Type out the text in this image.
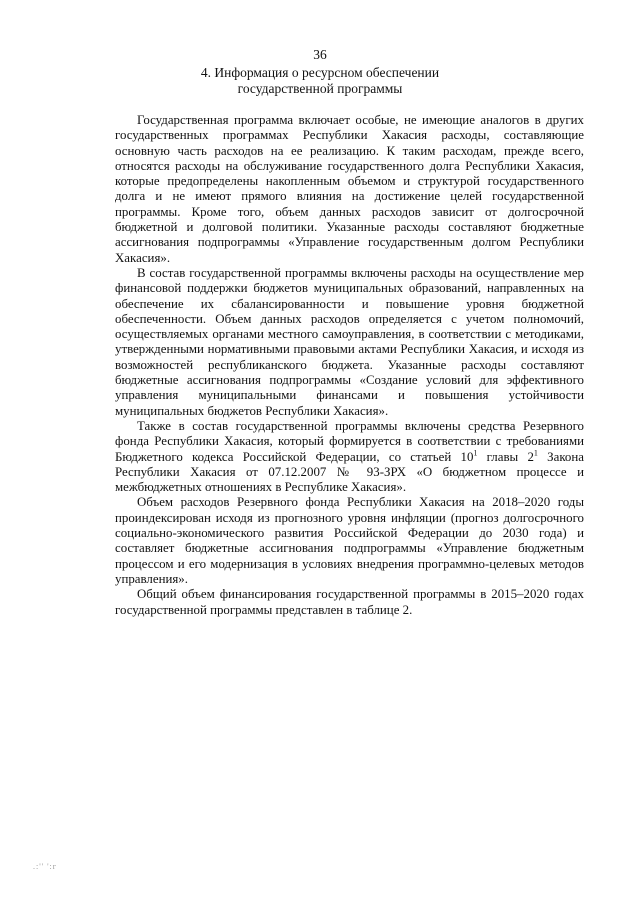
36
4. Информация о ресурсном обеспечении
государственной программы

Государственная программа включает особые, не имеющие аналогов в других государственных программах Республики Хакасия расходы, составляющие основную часть расходов на ее реализацию. К таким расходам, прежде всего, относятся расходы на обслуживание государственного долга Республики Хакасия, которые предопределены накопленным объемом и структурой государственного долга и не имеют прямого влияния на достижение целей государственной программы. Кроме того, объем данных расходов зависит от долгосрочной бюджетной и долговой политики. Указанные расходы составляют бюджетные ассигнования подпрограммы «Управление государственным долгом Республики Хакасия».

В состав государственной программы включены расходы на осуществление мер финансовой поддержки бюджетов муниципальных образований, направленных на обеспечение их сбалансированности и повышение уровня бюджетной обеспеченности. Объем данных расходов определяется с учетом полномочий, осуществляемых органами местного самоуправления, в соответствии с методиками, утвержденными нормативными правовыми актами Республики Хакасия, и исходя из возможностей республиканского бюджета. Указанные расходы составляют бюджетные ассигнования подпрограммы «Создание условий для эффективного управления муниципальными финансами и повышения устойчивости муниципальных бюджетов Республики Хакасия».

Также в состав государственной программы включены средства Резервного фонда Республики Хакасия, который формируется в соответствии с требованиями Бюджетного кодекса Российской Федерации, со статьей $10^1$ главы $2^1$ Закона Республики Хакасия от 07.12.2007 № 93-ЗРХ «О бюджетном процессе и межбюджетных отношениях в Республике Хакасия».

Объем расходов Резервного фонда Республики Хакасия на 2018–2020 годы проиндексирован исходя из прогнозного уровня инфляции (прогноз долгосрочного социально-экономического развития Российской Федерации до 2030 года) и составляет бюджетные ассигнования подпрограммы «Управление бюджетным процессом и его модернизация в условиях внедрения программно-целевых методов управления».

Общий объем финансирования государственной программы в 2015–2020 годах государственной программы представлен в таблице 2.

.:'' ':г
